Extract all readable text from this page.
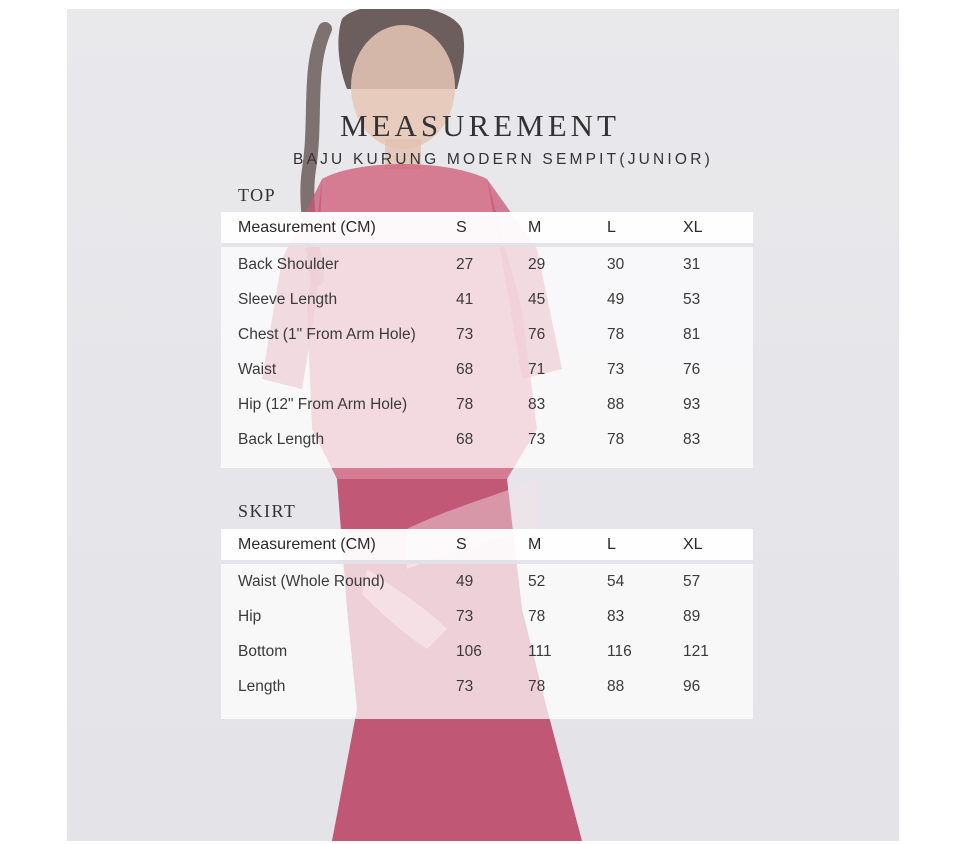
MEASUREMENT
BAJU KURUNG MODERN SEMPIT(JUNIOR)
TOP
Measurement (CM)	S	M	L	XL
Back Shoulder	27	29	30	31
Sleeve Length	41	45	49	53
Chest (1" From Arm Hole)	73	76	78	81
Waist	68	71	73	76
Hip (12" From Arm Hole)	78	83	88	93
Back Length	68	73	78	83
SKIRT
Measurement (CM)	S	M	L	XL
Waist (Whole Round)	49	52	54	57
Hip	73	78	83	89
Bottom	106	111	116	121
Length	73	78	88	96
